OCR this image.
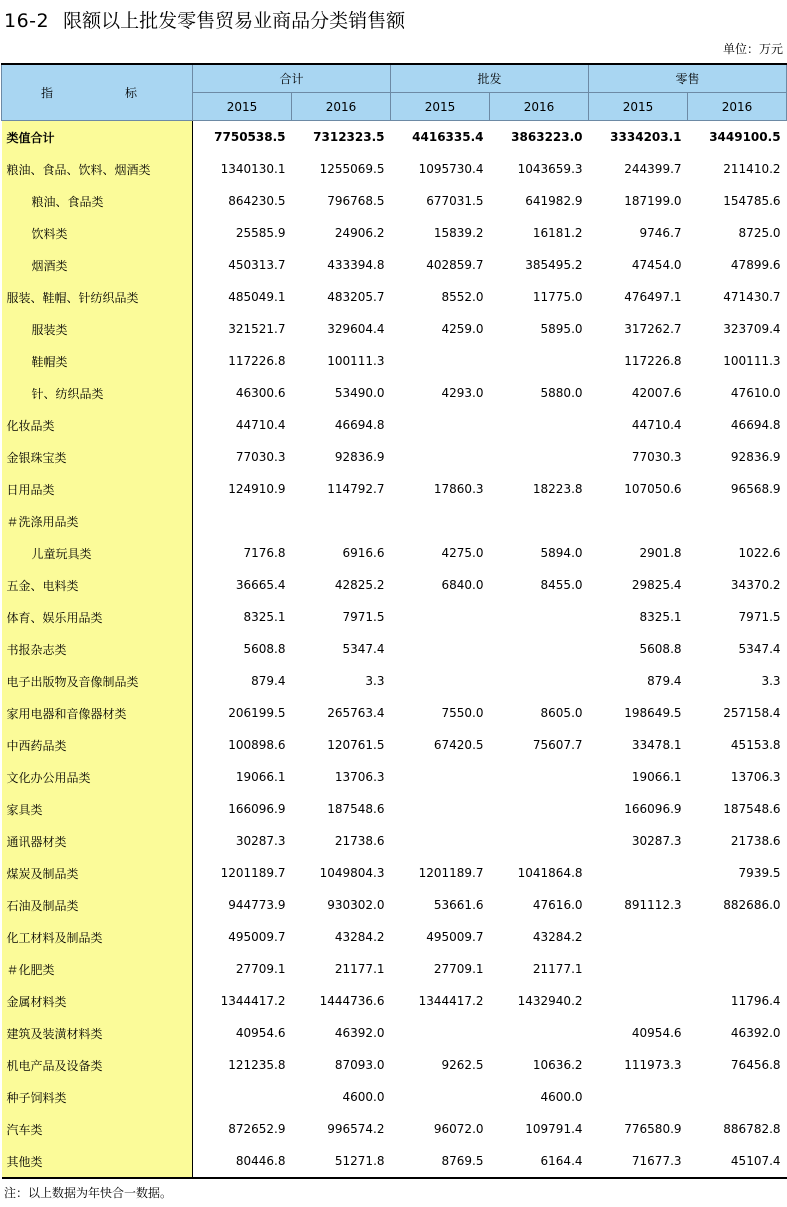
16-2 限额以上批发零售贸易业商品分类销售额
单位：万元
指　　标	合计		批发		零售	
	2015	2016	2015	2016	2015	2016
类值合计	7750538.5	7312323.5	4416335.4	3863223.0	3334203.1	3449100.5
粮油、食品、饮料、烟酒类	1340130.1	1255069.5	1095730.4	1043659.3	244399.7	211410.2
粮油、食品类	864230.5	796768.5	677031.5	641982.9	187199.0	154785.6
饮料类	25585.9	24906.2	15839.2	16181.2	9746.7	8725.0
烟酒类	450313.7	433394.8	402859.7	385495.2	47454.0	47899.6
服装、鞋帽、针纺织品类	485049.1	483205.7	8552.0	11775.0	476497.1	471430.7
服装类	321521.7	329604.4	4259.0	5895.0	317262.7	323709.4
鞋帽类	117226.8	100111.3			117226.8	100111.3
针、纺织品类	46300.6	53490.0	4293.0	5880.0	42007.6	47610.0
化妆品类	44710.4	46694.8			44710.4	46694.8
金银珠宝类	77030.3	92836.9			77030.3	92836.9
日用品类	124910.9	114792.7	17860.3	18223.8	107050.6	96568.9
＃洗涤用品类						
儿童玩具类	7176.8	6916.6	4275.0	5894.0	2901.8	1022.6
五金、电料类	36665.4	42825.2	6840.0	8455.0	29825.4	34370.2
体育、娱乐用品类	8325.1	7971.5			8325.1	7971.5
书报杂志类	5608.8	5347.4			5608.8	5347.4
电子出版物及音像制品类	879.4	3.3			879.4	3.3
家用电器和音像器材类	206199.5	265763.4	7550.0	8605.0	198649.5	257158.4
中西药品类	100898.6	120761.5	67420.5	75607.7	33478.1	45153.8
文化办公用品类	19066.1	13706.3			19066.1	13706.3
家具类	166096.9	187548.6			166096.9	187548.6
通讯器材类	30287.3	21738.6			30287.3	21738.6
煤炭及制品类	1201189.7	1049804.3	1201189.7	1041864.8		7939.5
石油及制品类	944773.9	930302.0	53661.6	47616.0	891112.3	882686.0
化工材料及制品类	495009.7	43284.2	495009.7	43284.2		
＃化肥类	27709.1	21177.1	27709.1	21177.1		
金属材料类	1344417.2	1444736.6	1344417.2	1432940.2		11796.4
建筑及装潢材料类	40954.6	46392.0			40954.6	46392.0
机电产品及设备类	121235.8	87093.0	9262.5	10636.2	111973.3	76456.8
种子饲料类		4600.0		4600.0		
汽车类	872652.9	996574.2	96072.0	109791.4	776580.9	886782.8
其他类	80446.8	51271.8	8769.5	6164.4	71677.3	45107.4
注：以上数据为年快合一数据。
